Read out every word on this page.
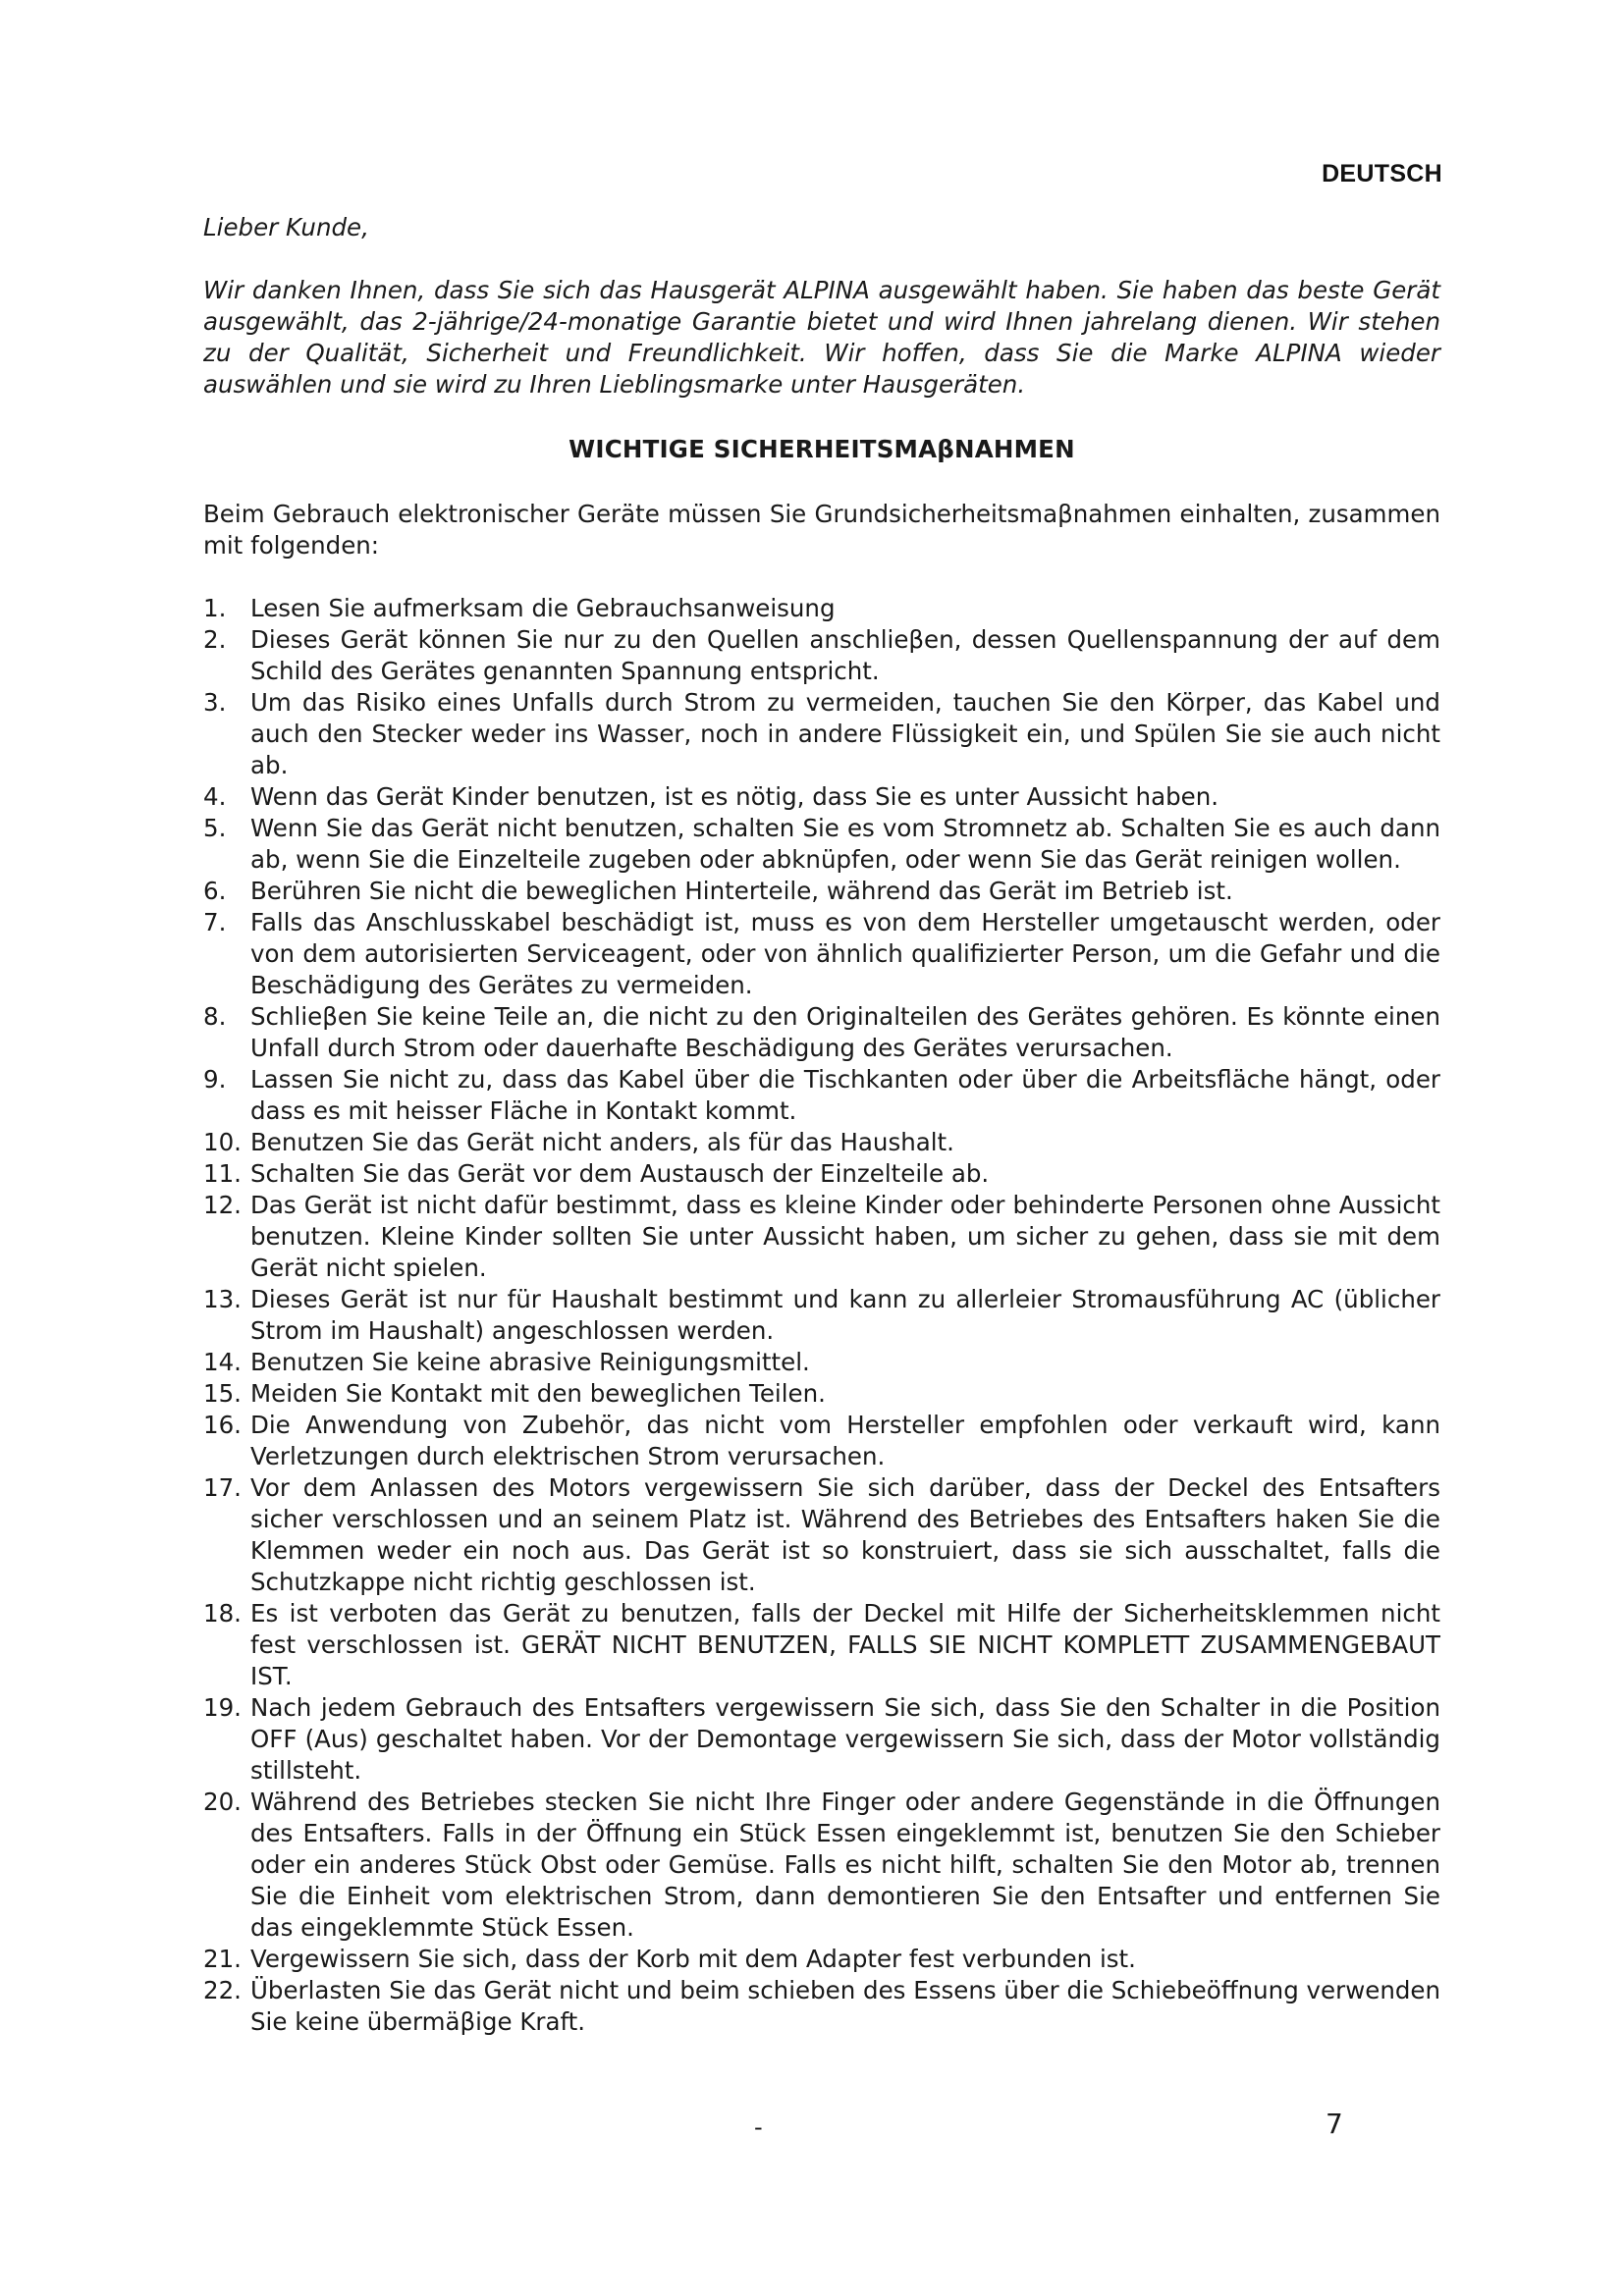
DEUTSCH

Lieber Kunde,

Wir danken Ihnen, dass Sie sich das Hausgerät ALPINA ausgewählt haben. Sie haben das beste Gerät ausgewählt, das 2-jährige/24-monatige Garantie bietet und wird Ihnen jahrelang dienen. Wir stehen zu der Qualität, Sicherheit und Freundlichkeit. Wir hoffen, dass Sie die Marke ALPINA wieder auswählen und sie wird zu Ihren Lieblingsmarke unter Hausgeräten.

WICHTIGE SICHERHEITSMAβNAHMEN

Beim Gebrauch elektronischer Geräte müssen Sie Grundsicherheitsmaβnahmen einhalten, zusammen mit folgenden:

1. Lesen Sie aufmerksam die Gebrauchsanweisung
2. Dieses Gerät können Sie nur zu den Quellen anschlieβen, dessen Quellenspannung der auf dem Schild des Gerätes genannten Spannung entspricht.
3. Um das Risiko eines Unfalls durch Strom zu vermeiden, tauchen Sie den Körper, das Kabel und auch den Stecker weder ins Wasser, noch in andere Flüssigkeit ein, und Spülen Sie sie auch nicht ab.
4. Wenn das Gerät Kinder benutzen, ist es nötig, dass Sie es unter Aussicht haben.
5. Wenn Sie das Gerät nicht benutzen, schalten Sie es vom Stromnetz ab. Schalten Sie es auch dann ab, wenn Sie die Einzelteile zugeben oder abknüpfen, oder wenn Sie das Gerät reinigen wollen.
6. Berühren Sie nicht die beweglichen Hinterteile, während das Gerät im Betrieb ist.
7. Falls das Anschlusskabel beschädigt ist, muss es von dem Hersteller umgetauscht werden, oder von dem autorisierten Serviceagent, oder von ähnlich qualifizierter Person, um die Gefahr und die Beschädigung des Gerätes zu vermeiden.
8. Schlieβen Sie keine Teile an, die nicht zu den Originalteilen des Gerätes gehören. Es könnte einen Unfall durch Strom oder dauerhafte Beschädigung des Gerätes verursachen.
9. Lassen Sie nicht zu, dass das Kabel über die Tischkanten oder über die Arbeitsfläche hängt, oder dass es mit heisser Fläche in Kontakt kommt.
10. Benutzen Sie das Gerät nicht anders, als für das Haushalt.
11. Schalten Sie das Gerät vor dem Austausch der Einzelteile ab.
12. Das Gerät ist nicht dafür bestimmt, dass es kleine Kinder oder behinderte Personen ohne Aussicht benutzen. Kleine Kinder sollten Sie unter Aussicht haben, um sicher zu gehen, dass sie mit dem Gerät nicht spielen.
13. Dieses Gerät ist nur für Haushalt bestimmt und kann zu allerleier Stromausführung AC (üblicher Strom im Haushalt) angeschlossen werden.
14. Benutzen Sie keine abrasive Reinigungsmittel.
15. Meiden Sie Kontakt mit den beweglichen Teilen.
16. Die Anwendung von Zubehör, das nicht vom Hersteller empfohlen oder verkauft wird, kann Verletzungen durch elektrischen Strom verursachen.
17. Vor dem Anlassen des Motors vergewissern Sie sich darüber, dass der Deckel des Entsafters sicher verschlossen und an seinem Platz ist. Während des Betriebes des Entsafters haken Sie die Klemmen weder ein noch aus. Das Gerät ist so konstruiert, dass sie sich ausschaltet, falls die Schutzkappe nicht richtig geschlossen ist.
18. Es ist verboten das Gerät zu benutzen, falls der Deckel mit Hilfe der Sicherheitsklemmen nicht fest verschlossen ist. GERÄT NICHT BENUTZEN, FALLS SIE NICHT KOMPLETT ZUSAMMENGEBAUT IST.
19. Nach jedem Gebrauch des Entsafters vergewissern Sie sich, dass Sie den Schalter in die Position OFF (Aus) geschaltet haben. Vor der Demontage vergewissern Sie sich, dass der Motor vollständig stillsteht.
20. Während des Betriebes stecken Sie nicht Ihre Finger oder andere Gegenstände in die Öffnungen des Entsafters. Falls in der Öffnung ein Stück Essen eingeklemmt ist, benutzen Sie den Schieber oder ein anderes Stück Obst oder Gemüse. Falls es nicht hilft, schalten Sie den Motor ab, trennen Sie die Einheit vom elektrischen Strom, dann demontieren Sie den Entsafter und entfernen Sie das eingeklemmte Stück Essen.
21. Vergewissern Sie sich, dass der Korb mit dem Adapter fest verbunden ist.
22. Überlasten Sie das Gerät nicht und beim schieben des Essens über die Schiebeöffnung verwenden Sie keine übermäβige Kraft.
-	7
